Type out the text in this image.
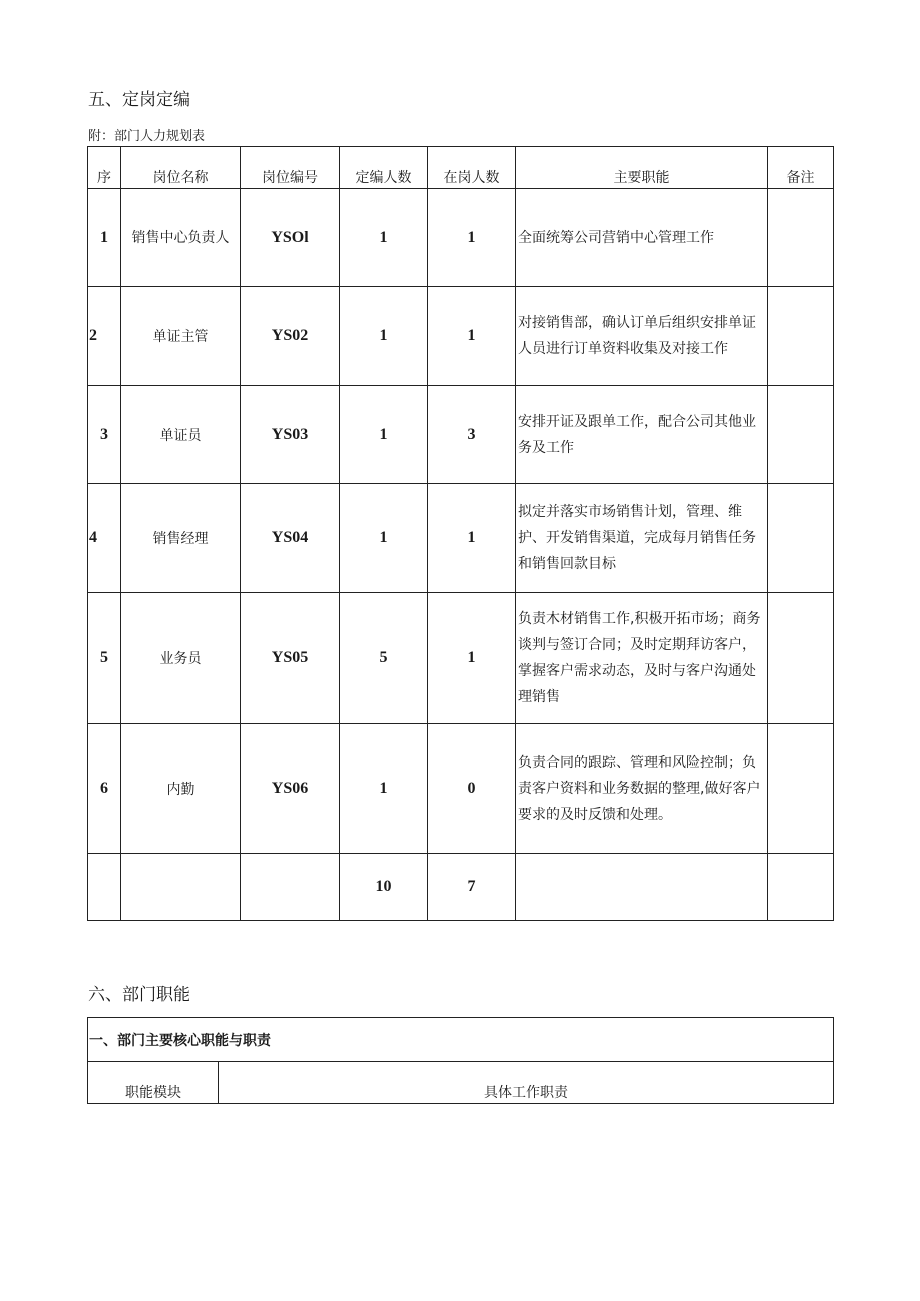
五、定岗定编
附：部门人力规划表
序	岗位名称	岗位编号	定编人数	在岗人数	主要职能	备注
1	销售中心负责人	YSOl	1	1	全面统筹公司营销中心管理工作	
2	单证主管	YS02	1	1	对接销售部，确认订单后组织安排单证人员进行订单资料收集及对接工作	
3	单证员	YS03	1	3	安排开证及跟单工作，配合公司其他业务及工作	
4	销售经理	YS04	1	1	拟定并落实市场销售计划，管理、维护、开发销售渠道，完成每月销售任务和销售回款目标	
5	业务员	YS05	5	1	负责木材销售工作,积极开拓市场；商务谈判与签订合同；及时定期拜访客户，掌握客户需求动态，及时与客户沟通处理销售	
6	内勤	YS06	1	0	负责合同的跟踪、管理和风险控制；负责客户资料和业务数据的整理,做好客户要求的及时反馈和处理。	
			10	7		
六、部门职能
一、部门主要核心职能与职责
职能模块	具体工作职责
